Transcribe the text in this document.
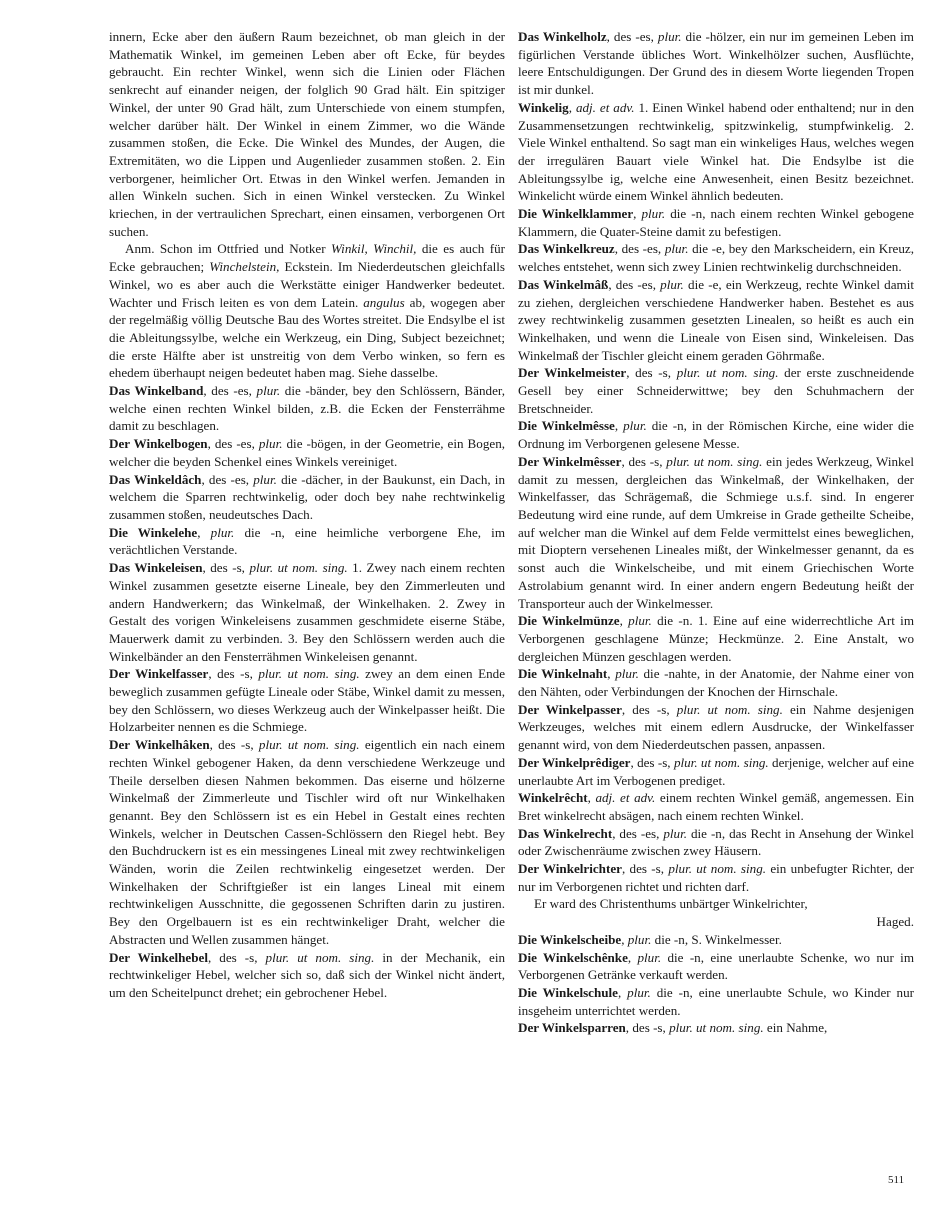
innern, Ecke aber den äußern Raum bezeichnet, ob man gleich in der Mathematik Winkel, im gemeinen Leben aber oft Ecke, für beydes gebraucht. Ein rechter Winkel, wenn sich die Linien oder Flächen senkrecht auf einander neigen, der folglich 90 Grad hält. Ein spitziger Winkel, der unter 90 Grad hält, zum Unterschiede von einem stumpfen, welcher darüber hält. Der Winkel in einem Zimmer, wo die Wände zusammen stoßen, die Ecke. Die Winkel des Mundes, der Augen, die Extremitäten, wo die Lippen und Augenlieder zusammen stoßen. 2. Ein verborgener, heimlicher Ort. Etwas in den Winkel werfen. Jemanden in allen Winkeln suchen. Sich in einen Winkel verstecken. Zu Winkel kriechen, in der vertraulichen Sprechart, einen einsamen, verborgenen Ort suchen.

Anm. Schon im Ottfried und Notker Winkil, Winchil, die es auch für Ecke gebrauchen; Winchelstein, Eckstein. Im Niederdeutschen gleichfalls Winkel, wo es aber auch die Werkstätte einiger Handwerker bedeutet. Wachter und Frisch leiten es von dem Latein. angulus ab, wogegen aber der regelmäßig völlig Deutsche Bau des Wortes streitet. Die Endsylbe el ist die Ableitungssylbe, welche ein Werkzeug, ein Ding, Subject bezeichnet; die erste Hälfte aber ist unstreitig von dem Verbo winken, so fern es ehedem überhaupt neigen bedeutet haben mag. Siehe dasselbe.

Das Winkelband, des -es, plur. die -bänder, bey den Schlössern, Bänder, welche einen rechten Winkel bilden, z.B. die Ecken der Fensterrähme damit zu beschlagen.

Der Winkelbogen, des -es, plur. die -bögen, in der Geometrie, ein Bogen, welcher die beyden Schenkel eines Winkels vereiniget.

Das Winkeldâch, des -es, plur. die -dächer, in der Baukunst, ein Dach, in welchem die Sparren rechtwinkelig, oder doch bey nahe rechtwinkelig zusammen stoßen, neudeutsches Dach.

Die Winkelehe, plur. die -n, eine heimliche verborgene Ehe, im verächtlichen Verstande.

Das Winkeleisen, des -s, plur. ut nom. sing. 1. Zwey nach einem rechten Winkel zusammen gesetzte eiserne Lineale, bey den Zimmerleuten und andern Handwerkern; das Winkelmaß, der Winkelhaken. 2. Zwey in Gestalt des vorigen Winkeleisens zusammen geschmidete eiserne Stäbe, Mauerwerk damit zu verbinden. 3. Bey den Schlössern werden auch die Winkelbänder an den Fensterrähmen Winkeleisen genannt.

Der Winkelfasser, des -s, plur. ut nom. sing. zwey an dem einen Ende beweglich zusammen gefügte Lineale oder Stäbe, Winkel damit zu messen, bey den Schlössern, wo dieses Werkzeug auch der Winkelpasser heißt. Die Holzarbeiter nennen es die Schmiege.

Der Winkelhâken, des -s, plur. ut nom. sing. eigentlich ein nach einem rechten Winkel gebogener Haken, da denn verschiedene Werkzeuge und Theile derselben diesen Nahmen bekommen. Das eiserne und hölzerne Winkelmaß der Zimmerleute und Tischler wird oft nur Winkelhaken genannt. Bey den Schlössern ist es ein Hebel in Gestalt eines rechten Winkels, welcher in Deutschen Cassen-Schlössern den Riegel hebt. Bey den Buchdruckern ist es ein messingenes Lineal mit zwey rechtwinkeligen Wänden, worin die Zeilen rechtwinkelig eingesetzet werden. Der Winkelhaken der Schriftgießer ist ein langes Lineal mit einem rechtwinkeligen Ausschnitte, die gegossenen Schriften darin zu justiren. Bey den Orgelbauern ist es ein rechtwinkeliger Draht, welcher die Abstracten und Wellen zusammen hänget.

Der Winkelhebel, des -s, plur. ut nom. sing. in der Mechanik, ein rechtwinkeliger Hebel, welcher sich so, daß sich der Winkel nicht ändert, um den Scheitelpunct drehet; ein gebrochener Hebel.

Das Winkelholz, des -es, plur. die -hölzer, ein nur im gemeinen Leben im figürlichen Verstande übliches Wort. Winkelhölzer suchen, Ausflüchte, leere Entschuldigungen. Der Grund des in diesem Worte liegenden Tropen ist mir dunkel.

Winkelig, adj. et adv. 1. Einen Winkel habend oder enthaltend; nur in den Zusammensetzungen rechtwinkelig, spitzwinkelig, stumpfwinkelig. 2. Viele Winkel enthaltend. So sagt man ein winkeliges Haus, welches wegen der irregulären Bauart viele Winkel hat. Die Endsylbe ist die Ableitungssylbe ig, welche eine Anwesenheit, einen Besitz bezeichnet. Winkelicht würde einem Winkel ähnlich bedeuten.

Die Winkelklammer, plur. die -n, nach einem rechten Winkel gebogene Klammern, die Quater-Steine damit zu befestigen.

Das Winkelkreuz, des -es, plur. die -e, bey den Markscheidern, ein Kreuz, welches entstehet, wenn sich zwey Linien rechtwinkelig durchschneiden.

Das Winkelmâß, des -es, plur. die -e, ein Werkzeug, rechte Winkel damit zu ziehen, dergleichen verschiedene Handwerker haben. Bestehet es aus zwey rechtwinkelig zusammen gesetzten Linealen, so heißt es auch ein Winkelhaken, und wenn die Lineale von Eisen sind, Winkeleisen. Das Winkelmaß der Tischler gleicht einem geraden Göhrmaße.

Der Winkelmeister, des -s, plur. ut nom. sing. der erste zuschneidende Gesell bey einer Schneiderwittwe; bey den Schuhmachern der Bretschneider.

Die Winkelmêsse, plur. die -n, in der Römischen Kirche, eine wider die Ordnung im Verborgenen gelesene Messe.

Der Winkelmêsser, des -s, plur. ut nom. sing. ein jedes Werkzeug, Winkel damit zu messen, dergleichen das Winkelmaß, der Winkelhaken, der Winkelfasser, das Schrägemaß, die Schmiege u.s.f. sind. In engerer Bedeutung wird eine runde, auf dem Umkreise in Grade getheilte Scheibe, auf welcher man die Winkel auf dem Felde vermittelst eines beweglichen, mit Dioptern versehenen Lineales mißt, der Winkelmesser genannt, da es sonst auch die Winkelscheibe, und mit einem Griechischen Worte Astrolabium genannt wird. In einer andern engern Bedeutung heißt der Transporteur auch der Winkelmesser.

Die Winkelmünze, plur. die -n. 1. Eine auf eine widerrechtliche Art im Verborgenen geschlagene Münze; Heckmünze. 2. Eine Anstalt, wo dergleichen Münzen geschlagen werden.

Die Winkelnaht, plur. die -nahte, in der Anatomie, der Nahme einer von den Nähten, oder Verbindungen der Knochen der Hirnschale.

Der Winkelpasser, des -s, plur. ut nom. sing. ein Nahme desjenigen Werkzeuges, welches mit einem edlern Ausdrucke, der Winkelfasser genannt wird, von dem Niederdeutschen passen, anpassen.

Der Winkelprêdiger, des -s, plur. ut nom. sing. derjenige, welcher auf eine unerlaubte Art im Verbogenen prediget.

Winkelrêcht, adj. et adv. einem rechten Winkel gemäß, angemessen. Ein Bret winkelrecht absägen, nach einem rechten Winkel.

Das Winkelrecht, des -es, plur. die -n, das Recht in Ansehung der Winkel oder Zwischenräume zwischen zwey Häusern.

Der Winkelrichter, des -s, plur. ut nom. sing. ein unbefugter Richter, der nur im Verborgenen richtet und richten darf.

Er ward des Christenthums unbärtger Winkelrichter,

Haged.

Die Winkelscheibe, plur. die -n, S. Winkelmesser.

Die Winkelschênke, plur. die -n, eine unerlaubte Schenke, wo nur im Verborgenen Getränke verkauft werden.

Die Winkelschule, plur. die -n, eine unerlaubte Schule, wo Kinder nur insgeheim unterrichtet werden.

Der Winkelsparren, des -s, plur. ut nom. sing. ein Nahme,

511
